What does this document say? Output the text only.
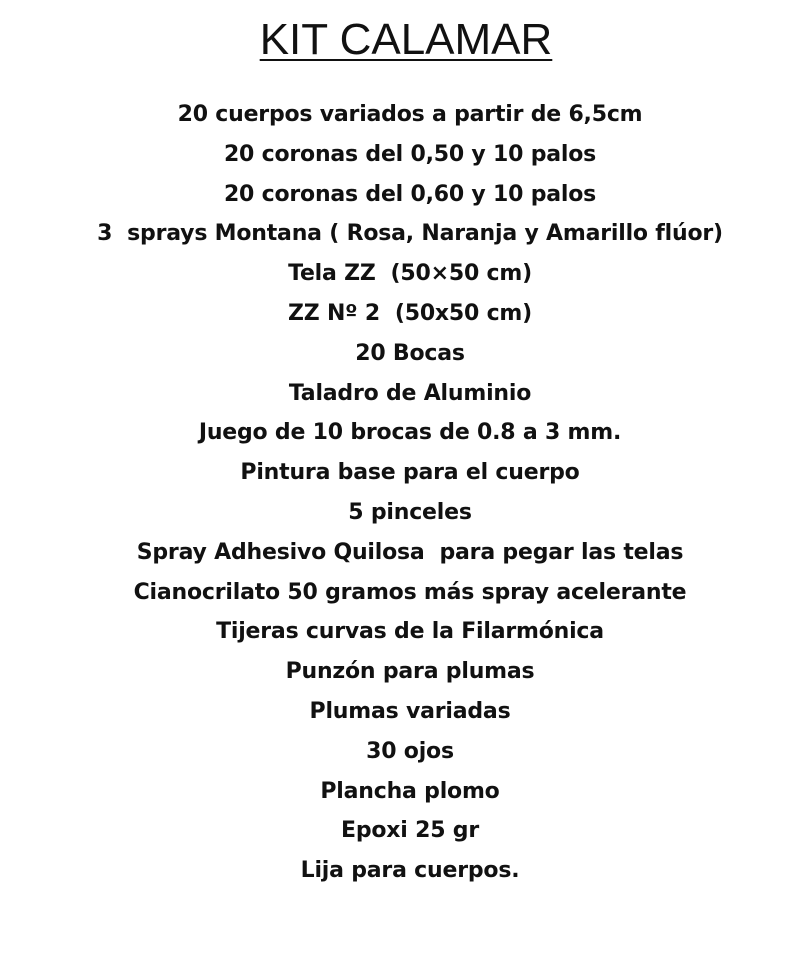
KIT CALAMAR
20 cuerpos variados a partir de 6,5cm
20 coronas del 0,50 y 10 palos
20 coronas del 0,60 y 10 palos
3  sprays Montana ( Rosa, Naranja y Amarillo flúor)
Tela ZZ  (50×50 cm)
ZZ Nº 2  (50x50 cm)
20 Bocas
Taladro de Aluminio
Juego de 10 brocas de 0.8 a 3 mm.
Pintura base para el cuerpo
5 pinceles
Spray Adhesivo Quilosa  para pegar las telas
Cianocrilato 50 gramos más spray acelerante
Tijeras curvas de la Filarmónica
Punzón para plumas
Plumas variadas
30 ojos
Plancha plomo
Epoxi 25 gr
Lija para cuerpos.
